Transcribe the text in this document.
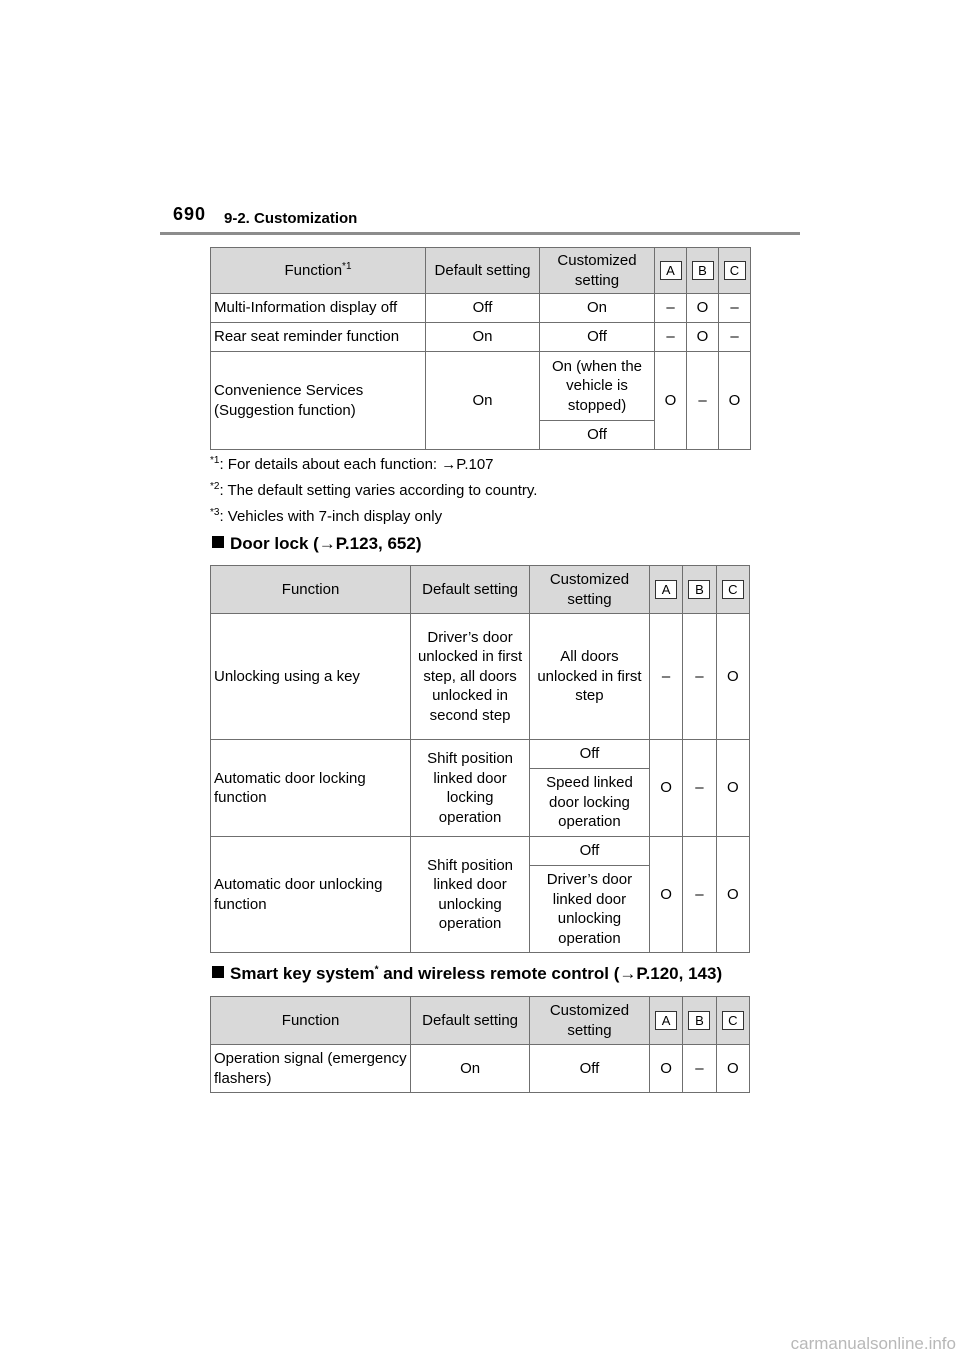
690 9-2. Customization
Function$^{*1}$	Default setting	Customized setting	A	B	C
Multi-Information display off	Off	On	–	O	–
Rear seat reminder function	On	Off	–	O	–
Convenience Services (Suggestion function)	On	On (when the vehicle is stopped)	O	–	O
		Off			
$^{*1}$: For details about each function: →P.107
$^{*2}$: The default setting varies according to country.
$^{*3}$: Vehicles with 7-inch display only
Door lock (→P.123, 652)
Function	Default setting	Customized setting	A	B	C
Unlocking using a key	Driver’s door unlocked in first step, all doors unlocked in second step	All doors unlocked in first step	–	–	O
Automatic door locking function	Shift position linked door locking operation	Off	O	–	O
		Speed linked door locking operation			
Automatic door unlocking function	Shift position linked door unlocking operation	Off	O	–	O
		Driver’s door linked door unlocking operation			
Smart key system* and wireless remote control (→P.120, 143)
Function	Default setting	Customized setting	A	B	C
Operation signal (emergency flashers)	On	Off	O	–	O
carmanualsonline.info
